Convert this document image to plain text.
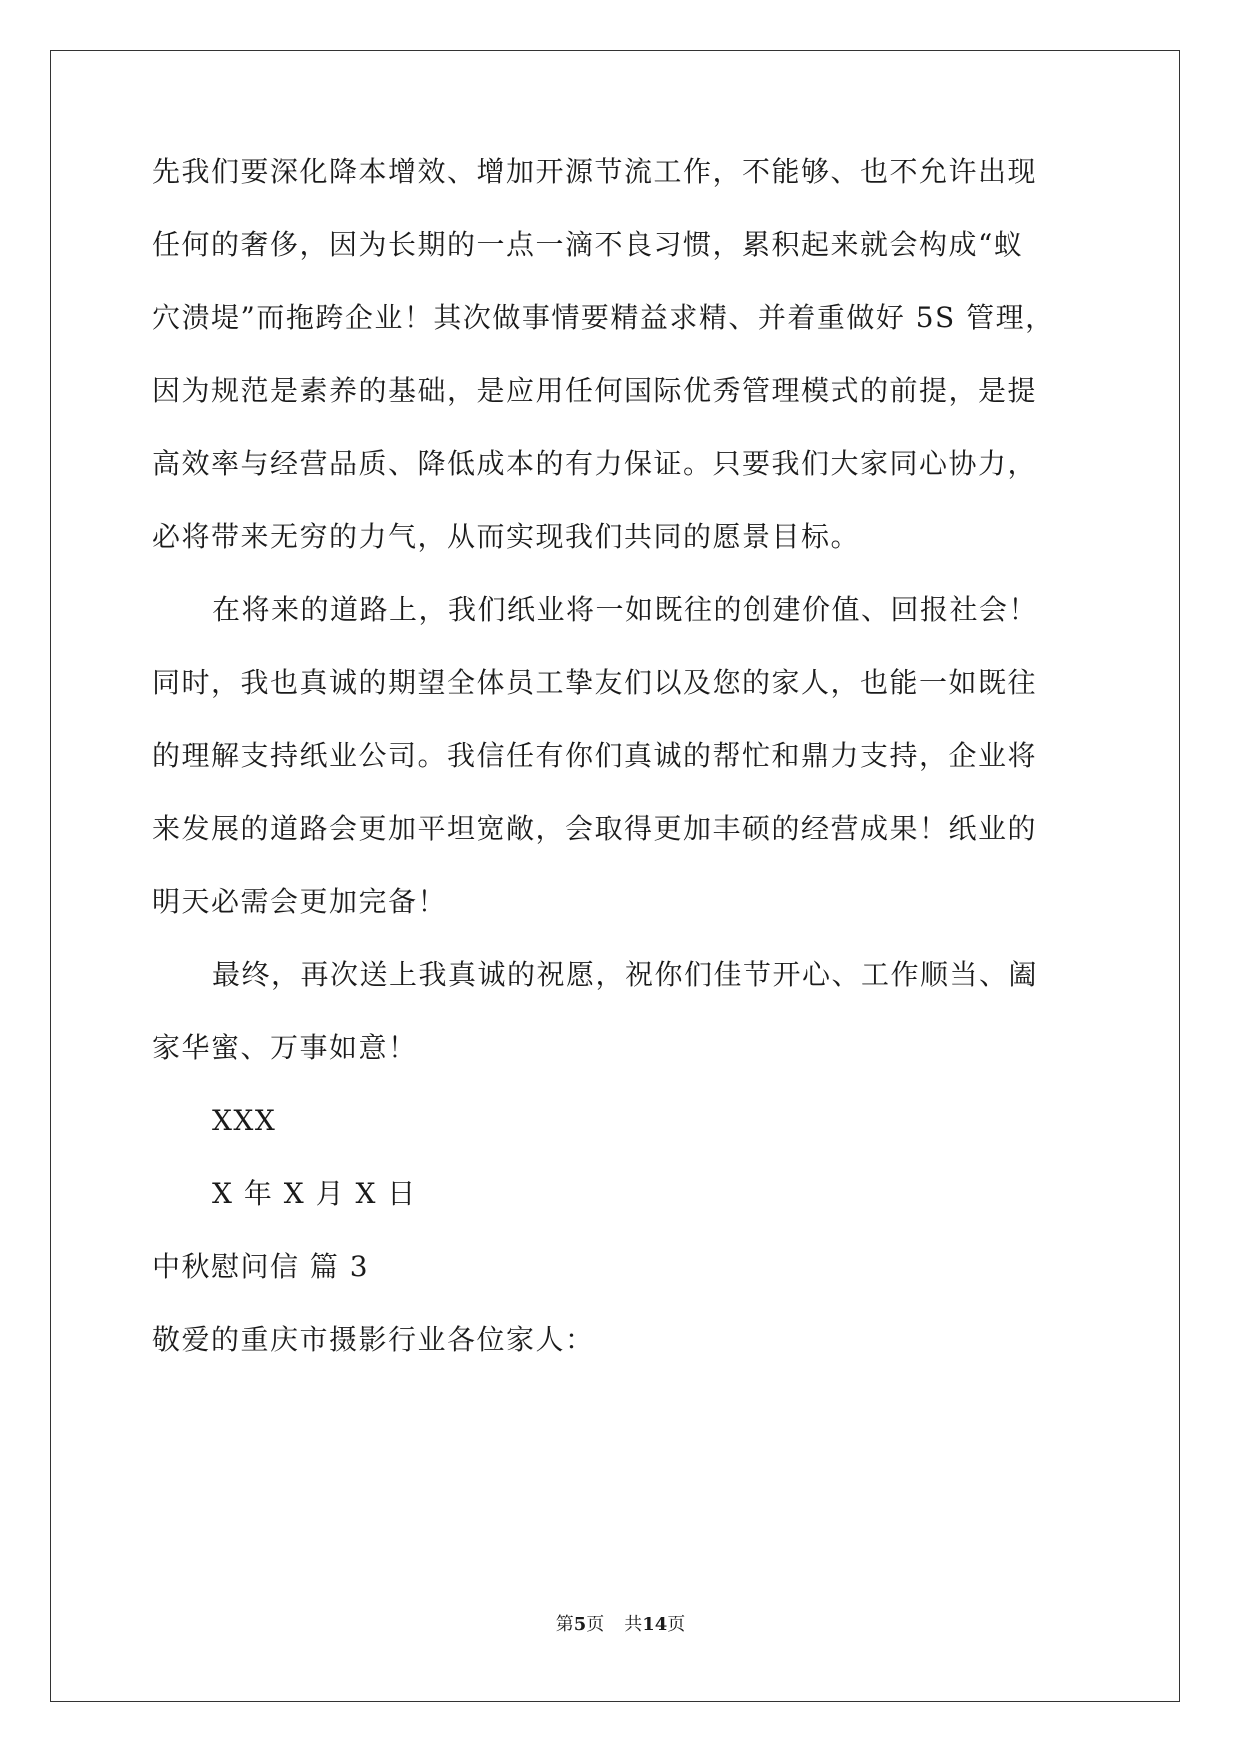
先我们要深化降本增效、增加开源节流工作，不能够、也不允许出现
任何的奢侈，因为长期的一点一滴不良习惯，累积起来就会构成“蚁
穴溃堤”而拖跨企业！其次做事情要精益求精、并着重做好 5S 管理，
因为规范是素养的基础，是应用任何国际优秀管理模式的前提，是提
高效率与经营品质、降低成本的有力保证。只要我们大家同心协力，
必将带来无穷的力气，从而实现我们共同的愿景目标。
在将来的道路上，我们纸业将一如既往的创建价值、回报社会！
同时，我也真诚的期望全体员工挚友们以及您的家人，也能一如既往
的理解支持纸业公司。我信任有你们真诚的帮忙和鼎力支持，企业将
来发展的道路会更加平坦宽敞，会取得更加丰硕的经营成果！纸业的
明天必需会更加完备！
最终，再次送上我真诚的祝愿，祝你们佳节开心、工作顺当、阖
家华蜜、万事如意！
XXX
X 年 X 月 X 日
中秋慰问信 篇 3
敬爱的重庆市摄影行业各位家人：
第5页 共14页
